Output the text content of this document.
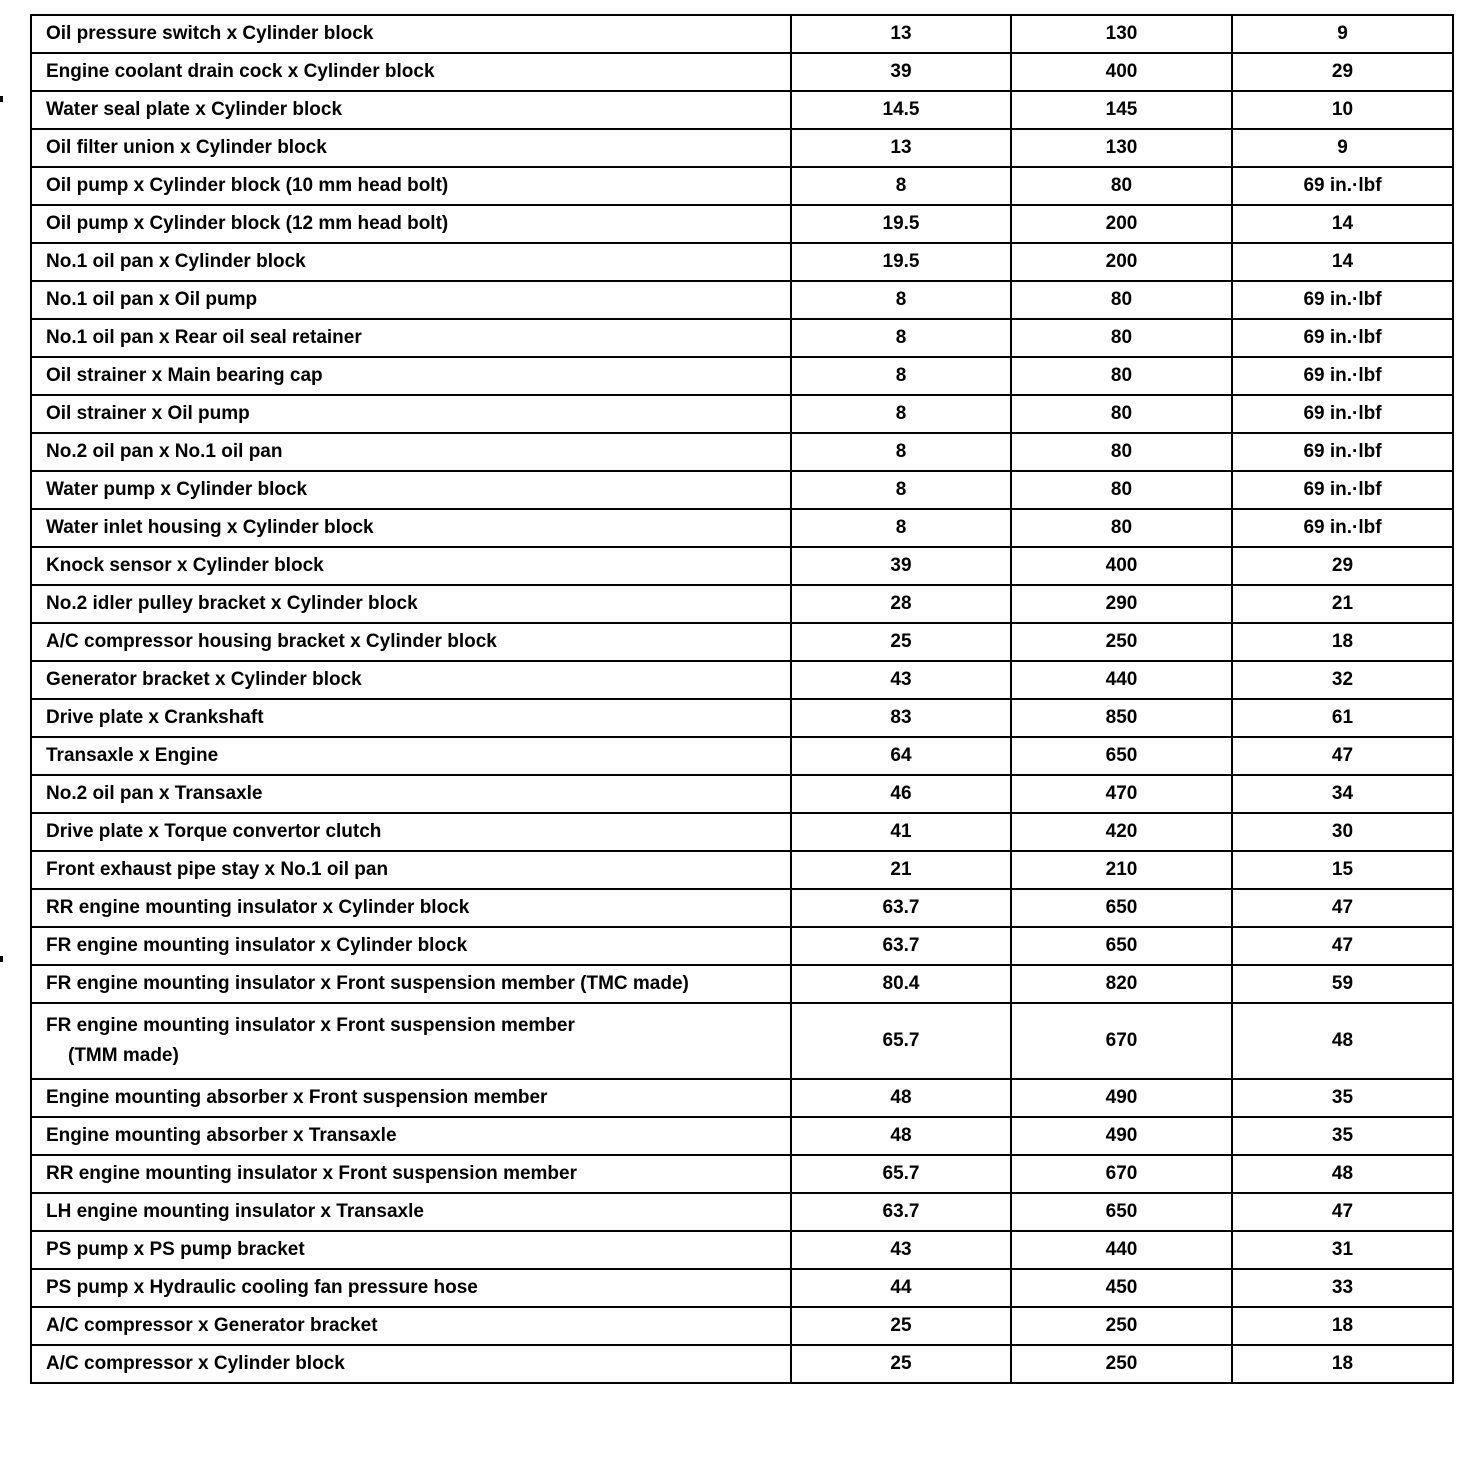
Oil pressure switch x Cylinder block	13	130	9
Engine coolant drain cock x Cylinder block	39	400	29
Water seal plate x Cylinder block	14.5	145	10
Oil filter union x Cylinder block	13	130	9
Oil pump x Cylinder block (10 mm head bolt)	8	80	69 in.·lbf
Oil pump x Cylinder block (12 mm head bolt)	19.5	200	14
No.1 oil pan x Cylinder block	19.5	200	14
No.1 oil pan x Oil pump	8	80	69 in.·lbf
No.1 oil pan x Rear oil seal retainer	8	80	69 in.·lbf
Oil strainer x Main bearing cap	8	80	69 in.·lbf
Oil strainer x Oil pump	8	80	69 in.·lbf
No.2 oil pan x No.1 oil pan	8	80	69 in.·lbf
Water pump x Cylinder block	8	80	69 in.·lbf
Water inlet housing x Cylinder block	8	80	69 in.·lbf
Knock sensor x Cylinder block	39	400	29
No.2 idler pulley bracket x Cylinder block	28	290	21
A/C compressor housing bracket x Cylinder block	25	250	18
Generator bracket x Cylinder block	43	440	32
Drive plate x Crankshaft	83	850	61
Transaxle x Engine	64	650	47
No.2 oil pan x Transaxle	46	470	34
Drive plate x Torque convertor clutch	41	420	30
Front exhaust pipe stay x No.1 oil pan	21	210	15
RR engine mounting insulator x Cylinder block	63.7	650	47
FR engine mounting insulator x Cylinder block	63.7	650	47
FR engine mounting insulator x Front suspension member (TMC made)	80.4	820	59

FR engine mounting insulator x Front suspension member
(TMM made)	65.7	670	48
Engine mounting absorber x Front suspension member	48	490	35
Engine mounting absorber x Transaxle	48	490	35
RR engine mounting insulator x Front suspension member	65.7	670	48
LH engine mounting insulator x Transaxle	63.7	650	47
PS pump x PS pump bracket	43	440	31
PS pump x Hydraulic cooling fan pressure hose	44	450	33
A/C compressor x Generator bracket	25	250	18
A/C compressor x Cylinder block	25	250	18
